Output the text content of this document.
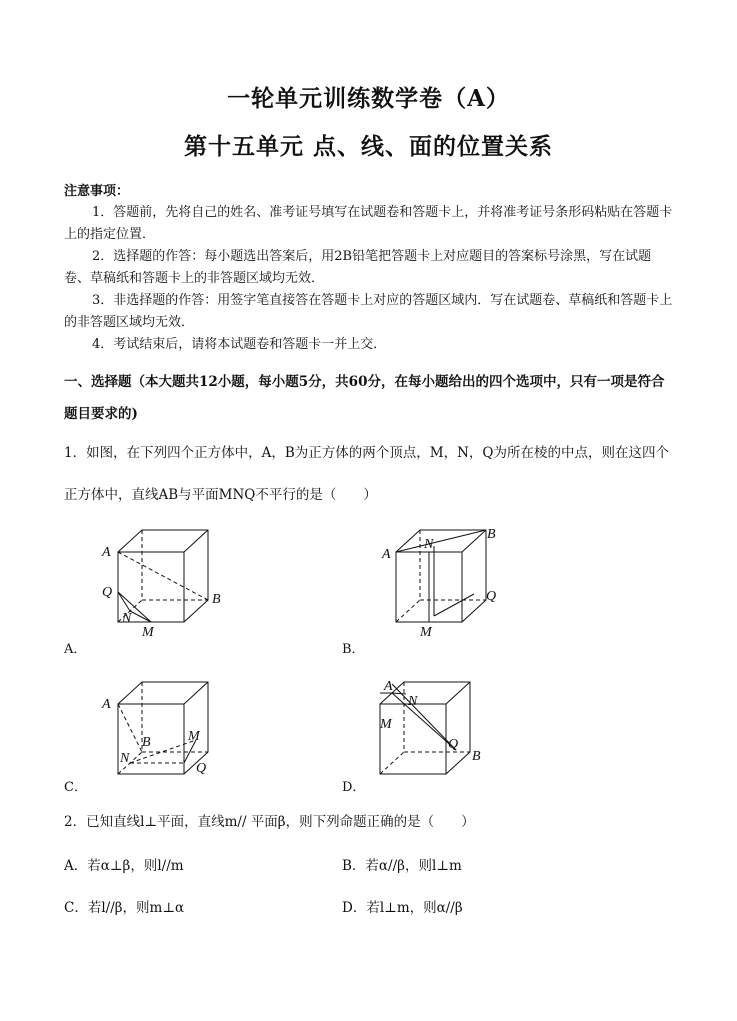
一轮单元训练数学卷（A）
第十五单元 点、线、面的位置关系
注意事项：
1．答题前，先将自己的姓名、准考证号填写在试题卷和答题卡上，并将准考证号条形码粘贴在答题卡上的指定位置．
2．选择题的作答：每小题选出答案后，用2B铅笔把答题卡上对应题目的答案标号涂黑，写在试题卷、草稿纸和答题卡上的非答题区域均无效．
3．非选择题的作答：用签字笔直接答在答题卡上对应的答题区域内．写在试题卷、草稿纸和答题卡上的非答题区域均无效．
4．考试结束后，请将本试题卷和答题卡一并上交．
一、选择题（本大题共12小题，每小题5分，共60分，在每小题给出的四个选项中，只有一项是符合题目要求的)
1．如图，在下列四个正方体中，A，B为正方体的两个顶点，M，N，Q为所在棱的中点，则在这四个正方体中，直线AB与平面MNQ不平行的是（　　）
A
B
Q
N
M
A．
A
N
B
Q
M
B．
A
B	M
N
Q
C．
A
N
M
Q
B
D．
2．已知直线l⊥平面，直线m// 平面β，则下列命题正确的是（　　）
A．若α⊥β，则l//m	B．若α//β，则l⊥m
C．若l//β，则m⊥α	D．若l⊥m，则α//β
